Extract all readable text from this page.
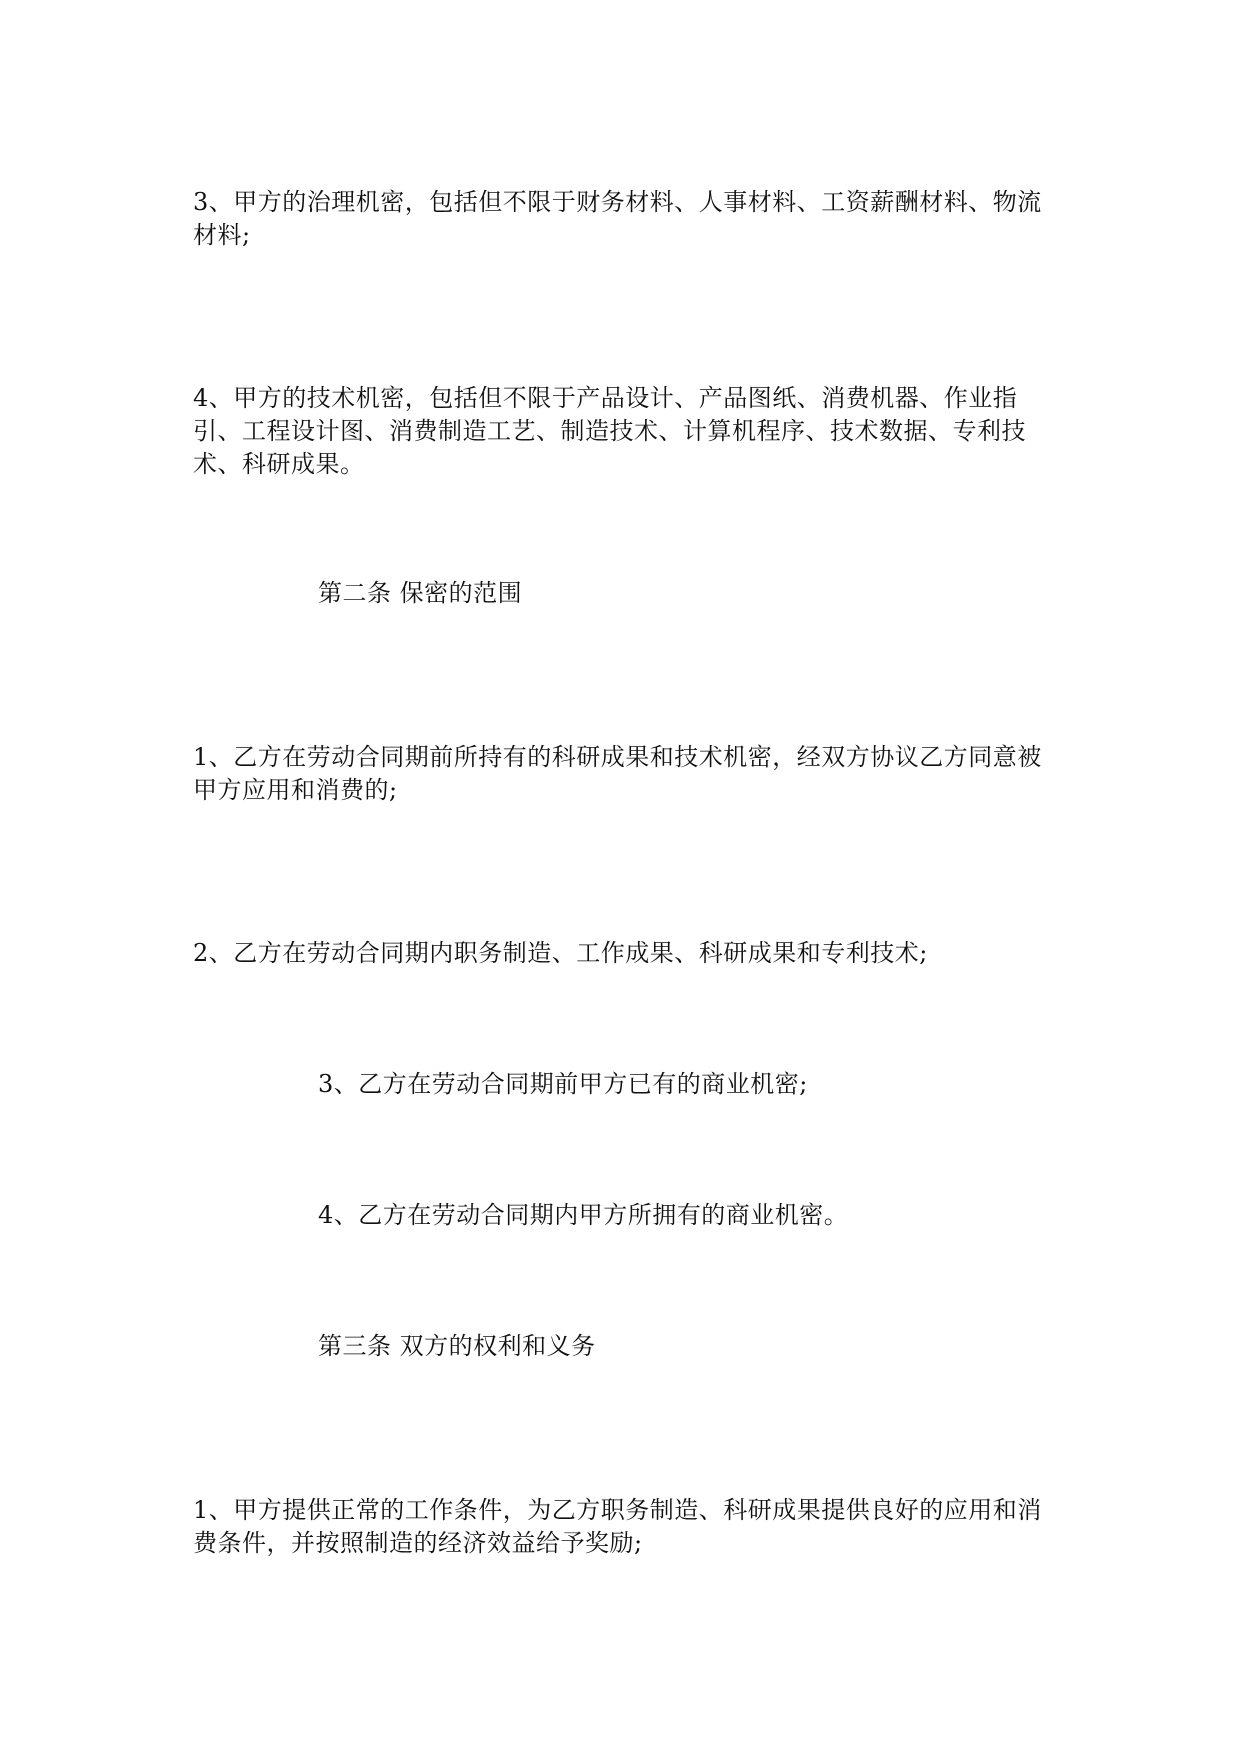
3、甲方的治理机密，包括但不限于财务材料、人事材料、工资薪酬材料、物流材料;

4、甲方的技术机密，包括但不限于产品设计、产品图纸、消费机器、作业指引、工程设计图、消费制造工艺、制造技术、计算机程序、技术数据、专利技术、科研成果。

第二条 保密的范围

1、乙方在劳动合同期前所持有的科研成果和技术机密，经双方协议乙方同意被甲方应用和消费的;

2、乙方在劳动合同期内职务制造、工作成果、科研成果和专利技术;

3、乙方在劳动合同期前甲方已有的商业机密;

4、乙方在劳动合同期内甲方所拥有的商业机密。

第三条 双方的权利和义务

1、甲方提供正常的工作条件，为乙方职务制造、科研成果提供良好的应用和消费条件，并按照制造的经济效益给予奖励;
